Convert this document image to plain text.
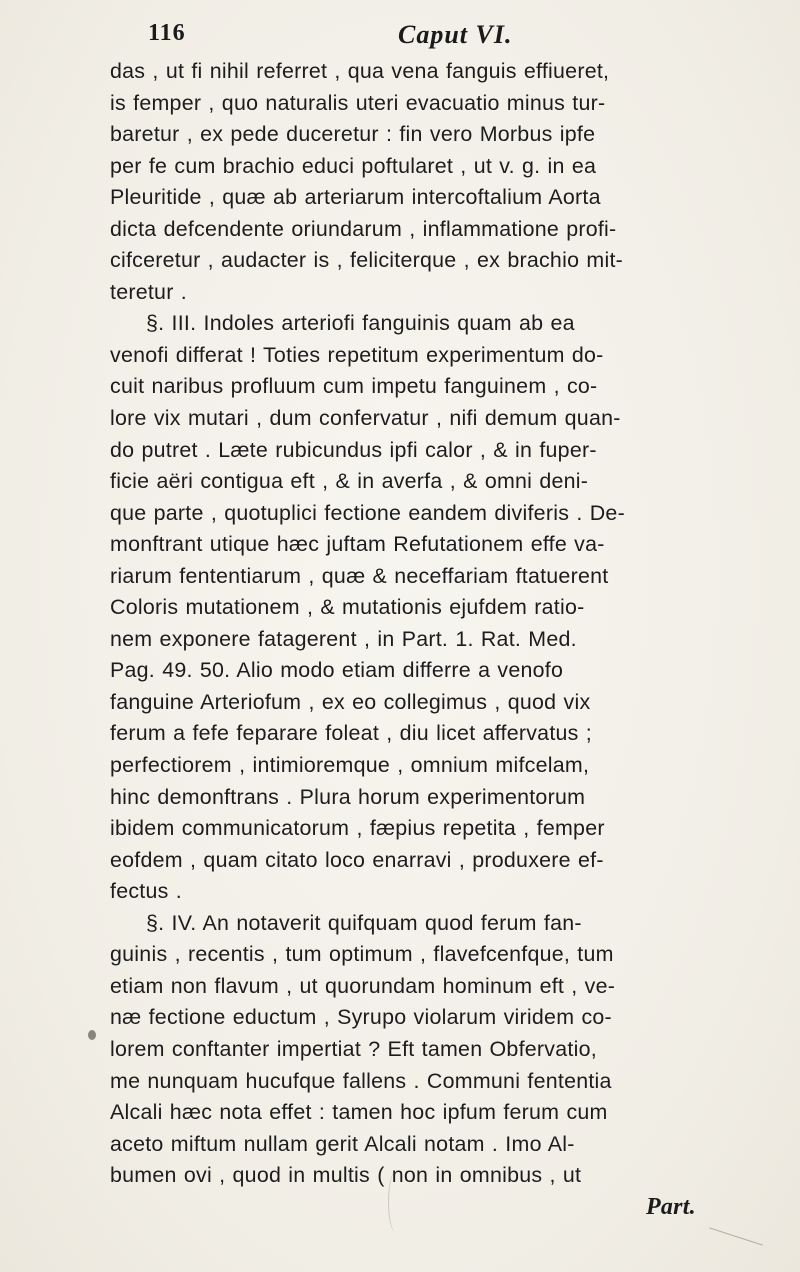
116	Caput VI.
das , ut fi nihil referret , qua vena fanguis effiueret,
is femper , quo naturalis uteri evacuatio minus tur-
baretur , ex pede duceretur : fin vero Morbus ipfe
per fe cum brachio educi poftularet , ut v. g. in ea
Pleuritide , quæ ab arteriarum intercoftalium Aorta
dicta defcendente oriundarum , inflammatione profi-
cifceretur , audacter is , feliciterque , ex brachio mit-
teretur .
§. III. Indoles arteriofi fanguinis quam ab ea
venofi differat ! Toties repetitum experimentum do-
cuit naribus profluum cum impetu fanguinem , co-
lore vix mutari , dum confervatur , nifi demum quan-
do putret . Læte rubicundus ipfi calor , & in fuper-
ficie aëri contigua eft , & in averfa , & omni deni-
que parte , quotuplici fectione eandem diviferis . De-
monftrant utique hæc juftam Refutationem effe va-
riarum fententiarum , quæ & neceffariam ftatuerent
Coloris mutationem , & mutationis ejufdem ratio-
nem exponere fatagerent , in Part. 1. Rat. Med.
Pag. 49. 50. Alio modo etiam differre a venofo
fanguine Arteriofum , ex eo collegimus , quod vix
ferum a fefe feparare foleat , diu licet affervatus ;
perfectiorem , intimioremque , omnium mifcelam,
hinc demonftrans . Plura horum experimentorum
ibidem communicatorum , fæpius repetita , femper
eofdem , quam citato loco enarravi , produxere ef-
fectus .
§. IV. An notaverit quifquam quod ferum fan-
guinis , recentis , tum optimum , flavefcenfque, tum
etiam non flavum , ut quorundam hominum eft , ve-
næ fectione eductum , Syrupo violarum viridem co-
lorem conftanter impertiat ? Eft tamen Obfervatio,
me nunquam hucufque fallens . Communi fententia
Alcali hæc nota effet : tamen hoc ipfum ferum cum
aceto miftum nullam gerit Alcali notam . Imo Al-
bumen ovi , quod in multis ( non in omnibus , ut
Part.
